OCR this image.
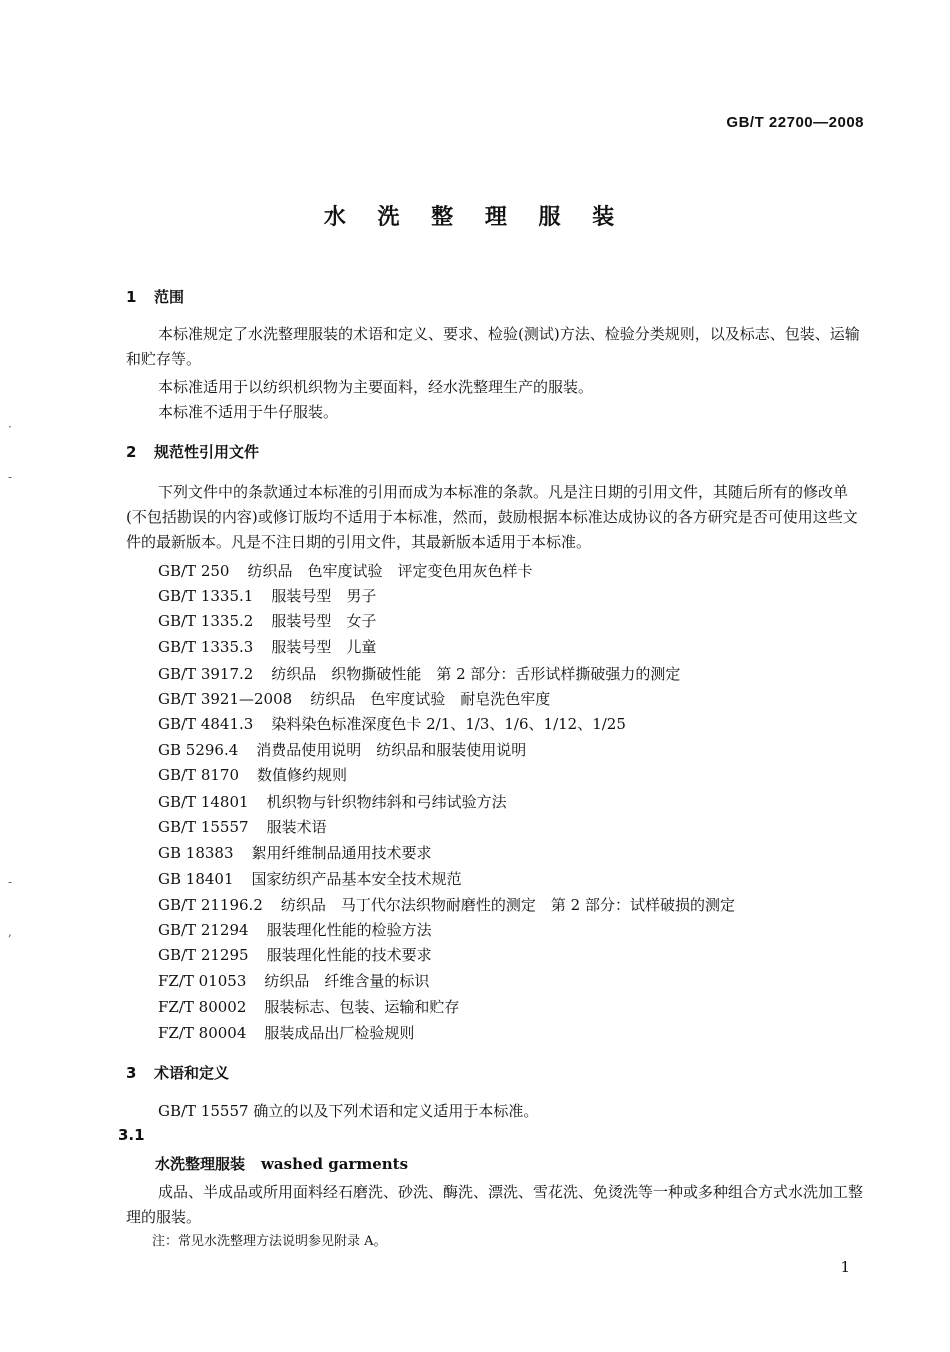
GB/T 22700—2008
水 洗 整 理 服 装
1 范围
本标准规定了水洗整理服装的术语和定义、要求、检验(测试)方法、检验分类规则，以及标志、包装、运输和贮存等。
本标准适用于以纺织机织物为主要面料，经水洗整理生产的服装。
本标准不适用于牛仔服装。
2 规范性引用文件
下列文件中的条款通过本标准的引用而成为本标准的条款。凡是注日期的引用文件，其随后所有的修改单(不包括勘误的内容)或修订版均不适用于本标准，然而，鼓励根据本标准达成协议的各方研究是否可使用这些文件的最新版本。凡是不注日期的引用文件，其最新版本适用于本标准。
GB/T 250 纺织品　色牢度试验　评定变色用灰色样卡
GB/T 1335.1 服装号型　男子
GB/T 1335.2 服装号型　女子
GB/T 1335.3 服装号型　儿童
GB/T 3917.2 纺织品　织物撕破性能　第 2 部分：舌形试样撕破强力的测定
GB/T 3921—2008 纺织品　色牢度试验　耐皂洗色牢度
GB/T 4841.3 染料染色标准深度色卡 2/1、1/3、1/6、1/12、1/25
GB 5296.4 消费品使用说明　纺织品和服装使用说明
GB/T 8170 数值修约规则
GB/T 14801 机织物与针织物纬斜和弓纬试验方法
GB/T 15557 服装术语
GB 18383 絮用纤维制品通用技术要求
GB 18401 国家纺织产品基本安全技术规范
GB/T 21196.2 纺织品　马丁代尔法织物耐磨性的测定　第 2 部分：试样破损的测定
GB/T 21294 服装理化性能的检验方法
GB/T 21295 服装理化性能的技术要求
FZ/T 01053 纺织品　纤维含量的标识
FZ/T 80002 服装标志、包装、运输和贮存
FZ/T 80004 服装成品出厂检验规则
3 术语和定义
GB/T 15557 确立的以及下列术语和定义适用于本标准。
3.1
水洗整理服装 washed garments
成品、半成品或所用面料经石磨洗、砂洗、酶洗、漂洗、雪花洗、免烫洗等一种或多种组合方式水洗加工整理的服装。
注：常见水洗整理方法说明参见附录 A。
1
·
-
-
,
